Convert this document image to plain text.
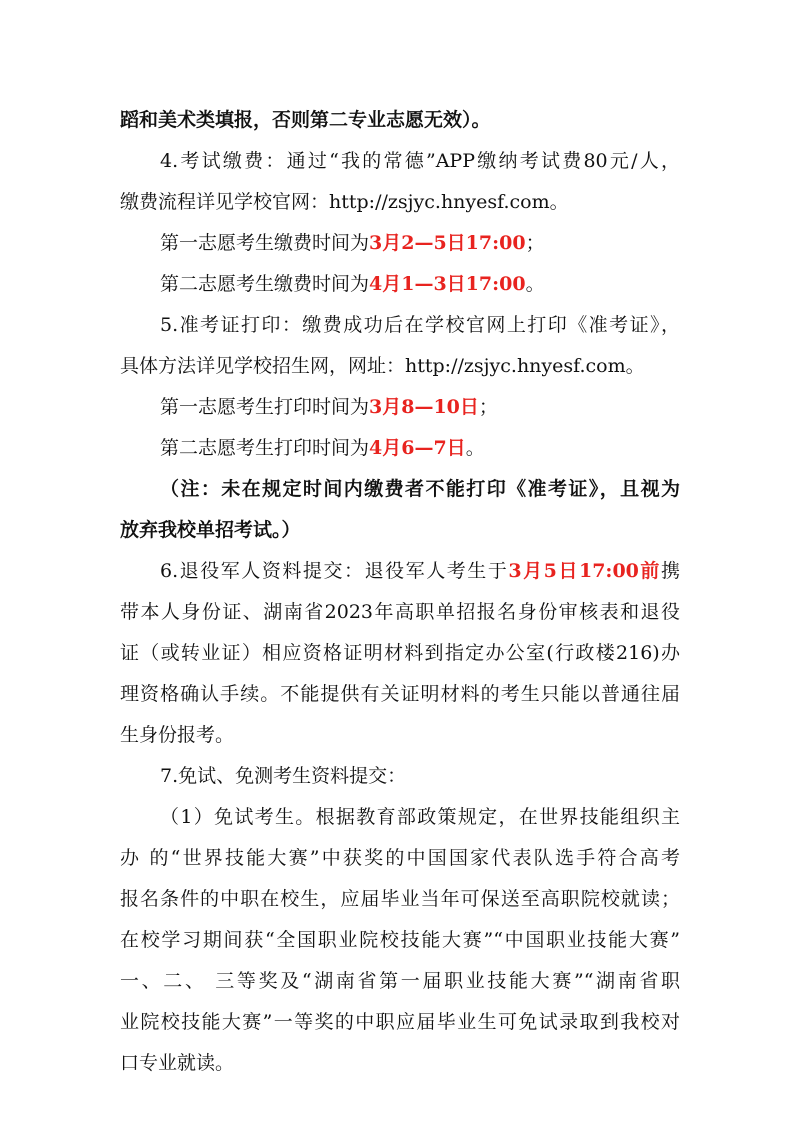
蹈和美术类填报，否则第二专业志愿无效）。
4.考试缴费：通过“我的常德”APP缴纳考试费80元/人，
缴费流程详见学校官网：http://zsjyc.hnyesf.com。
第一志愿考生缴费时间为3月2—5日17:00；
第二志愿考生缴费时间为4月1—3日17:00。
5.准考证打印：缴费成功后在学校官网上打印《准考证》，
具体方法详见学校招生网，网址：http://zsjyc.hnyesf.com。
第一志愿考生打印时间为3月8—10日；
第二志愿考生打印时间为4月6—7日。
（注：未在规定时间内缴费者不能打印《准考证》，且视为
放弃我校单招考试。）
6.退役军人资料提交：退役军人考生于3月5日17:00前携
带本人身份证、湖南省2023年高职单招报名身份审核表和退役
证（或转业证）相应资格证明材料到指定办公室(行政楼216)办
理资格确认手续。不能提供有关证明材料的考生只能以普通往届
生身份报考。
7.免试、免测考生资料提交：
（1）免试考生。根据教育部政策规定，在世界技能组织主
办 的“世界技能大赛”中获奖的中国国家代表队选手符合高考
报名条件的中职在校生，应届毕业当年可保送至高职院校就读；
在校学习期间获“全国职业院校技能大赛”“中国职业技能大赛”
一、二、 三等奖及“湖南省第一届职业技能大赛”“湖南省职
业院校技能大赛”一等奖的中职应届毕业生可免试录取到我校对
口专业就读。
